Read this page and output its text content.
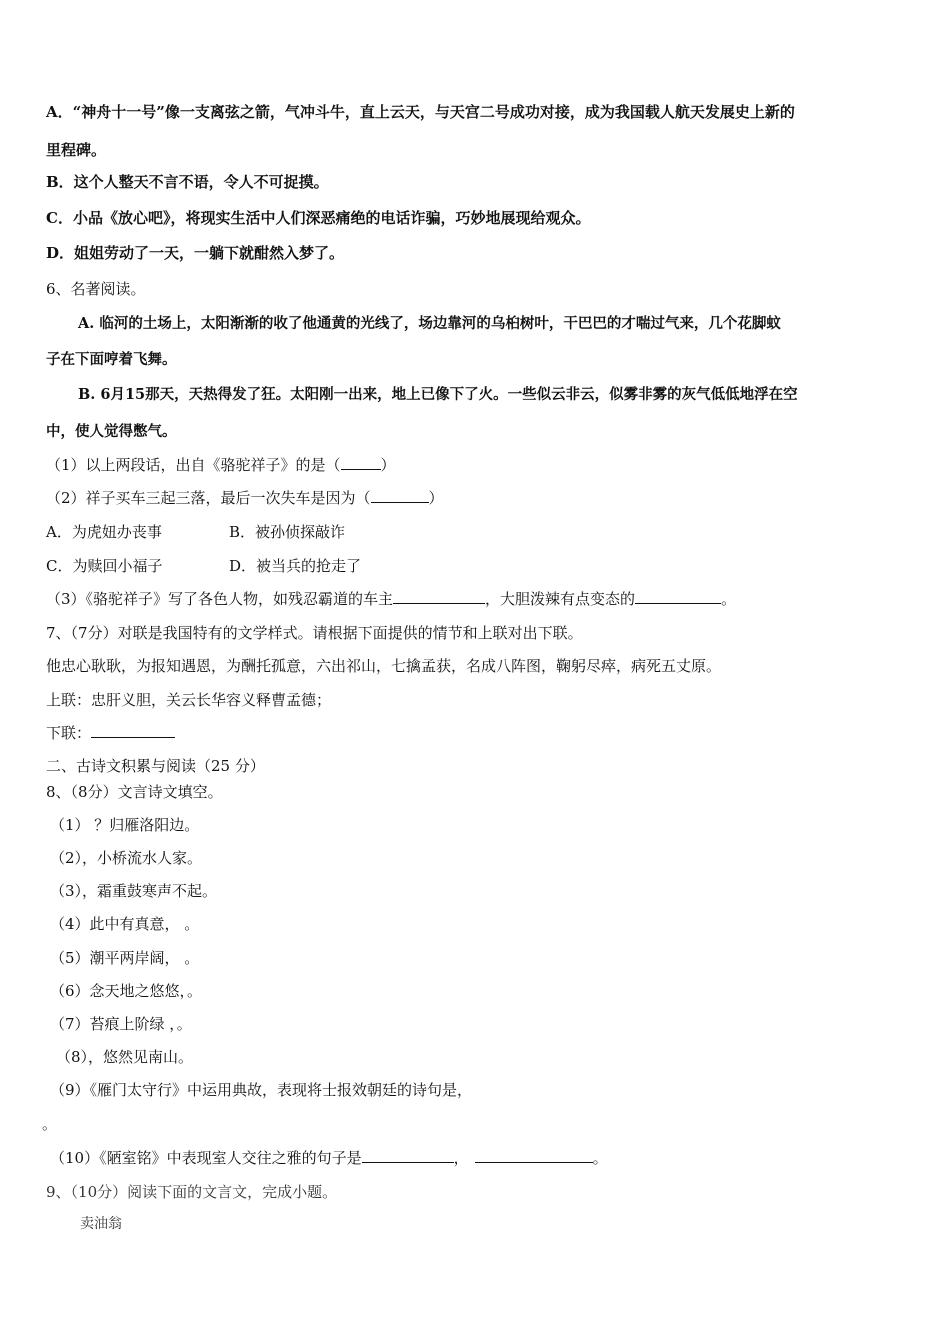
A．“神舟十一号”像一支离弦之箭，气冲斗牛，直上云天，与天宫二号成功对接，成为我国载人航天发展史上新的
里程碑。
B．这个人整天不言不语，令人不可捉摸。
C．小品《放心吧》，将现实生活中人们深恶痛绝的电话诈骗，巧妙地展现给观众。
D．姐姐劳动了一天，一躺下就酣然入梦了。
6、名著阅读。
A. 临河的土场上，太阳渐渐的收了他通黄的光线了，场边靠河的乌桕树叶，干巴巴的才喘过气来，几个花脚蚊
子在下面哼着飞舞。
B. 6月15那天，天热得发了狂。太阳刚一出来，地上已像下了火。一些似云非云，似雾非雾的灰气低低地浮在空
中，使人觉得憋气。
（1）以上两段话，出自《骆驼祥子》的是（	）
（2）祥子买车三起三落，最后一次失车是因为（	）
A．为虎妞办丧事	B．被孙侦探敲诈
C．为赎回小福子	D．被当兵的抢走了
（3）《骆驼祥子》写了各色人物，如残忍霸道的车主	，大胆泼辣有点变态的	。
7、（7分）对联是我国特有的文学样式。请根据下面提供的情节和上联对出下联。
他忠心耿耿，为报知遇恩，为酬托孤意，六出祁山，七擒孟获，名成八阵图，鞠躬尽瘁，病死五丈原。
上联：忠肝义胆，关云长华容义释曹孟德；
下联：
二、古诗文积累与阅读（25 分）
8、（8分）文言诗文填空。
（1） ？归雁洛阳边。
（2），小桥流水人家。
（3），霜重鼓寒声不起。
（4）此中有真意， 。
（5）潮平两岸阔， 。
（6）念天地之悠悠，。
（7）苔痕上阶绿 ，。
（8），悠然见南山。
（9）《雁门太守行》中运用典故，表现将士报效朝廷的诗句是，
。
（10）《陋室铭》中表现室人交往之雅的句子是	，	。
9、（10分）阅读下面的文言文，完成小题。
卖油翁
